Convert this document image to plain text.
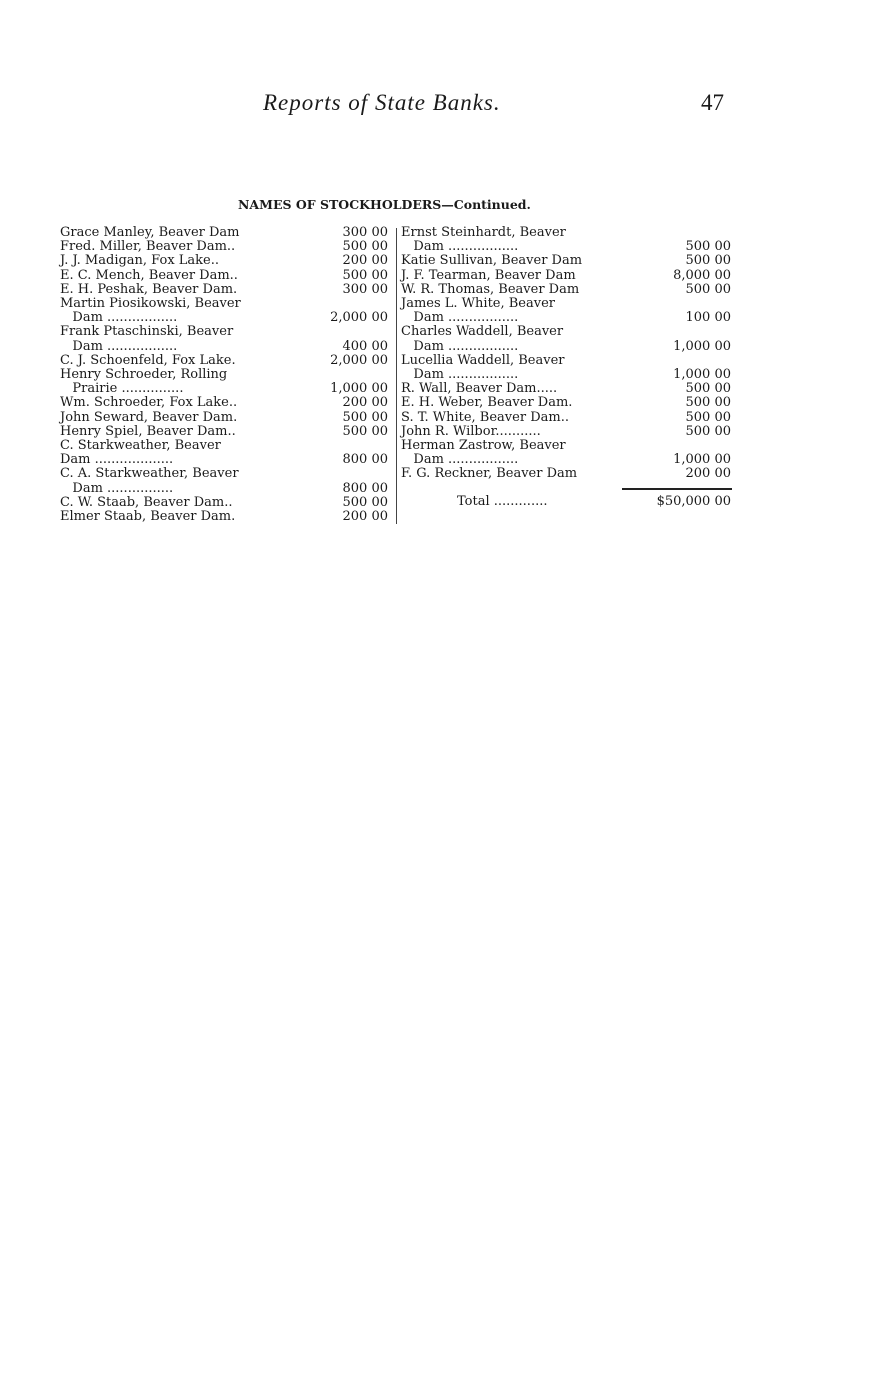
Reports of State Banks.	47
NAMES OF STOCKHOLDERS—Continued.
Grace Manley, Beaver Dam	300 00
Fred. Miller, Beaver Dam..	500 00
J. J. Madigan, Fox Lake..	200 00
E. C. Mench, Beaver Dam..	500 00
E. H. Peshak, Beaver Dam.	300 00
Martin Piosikowski, Beaver
Dam .................	2,000 00
Frank Ptaschinski, Beaver
Dam .................	400 00
C. J. Schoenfeld, Fox Lake.	2,000 00
Henry Schroeder, Rolling
Prairie ...............	1,000 00
Wm. Schroeder, Fox Lake..	200 00
John Seward, Beaver Dam.	500 00
Henry Spiel, Beaver Dam..	500 00
C. Starkweather, Beaver
Dam ...................	800 00
C. A. Starkweather, Beaver
Dam ................	800 00
C. W. Staab, Beaver Dam..	500 00
Elmer Staab, Beaver Dam.	200 00
Ernst Steinhardt, Beaver
Dam .................	500 00
Katie Sullivan, Beaver Dam	500 00
J. F. Tearman, Beaver Dam	8,000 00
W. R. Thomas, Beaver Dam	500 00
James L. White, Beaver
Dam .................	100 00
Charles Waddell, Beaver
Dam .................	1,000 00
Lucellia Waddell, Beaver
Dam .................	1,000 00
R. Wall, Beaver Dam.....	500 00
E. H. Weber, Beaver Dam.	500 00
S. T. White, Beaver Dam..	500 00
John R. Wilbor...........	500 00
Herman Zastrow, Beaver
Dam .................	1,000 00
F. G. Reckner, Beaver Dam	200 00
Total .............	$50,000 00
